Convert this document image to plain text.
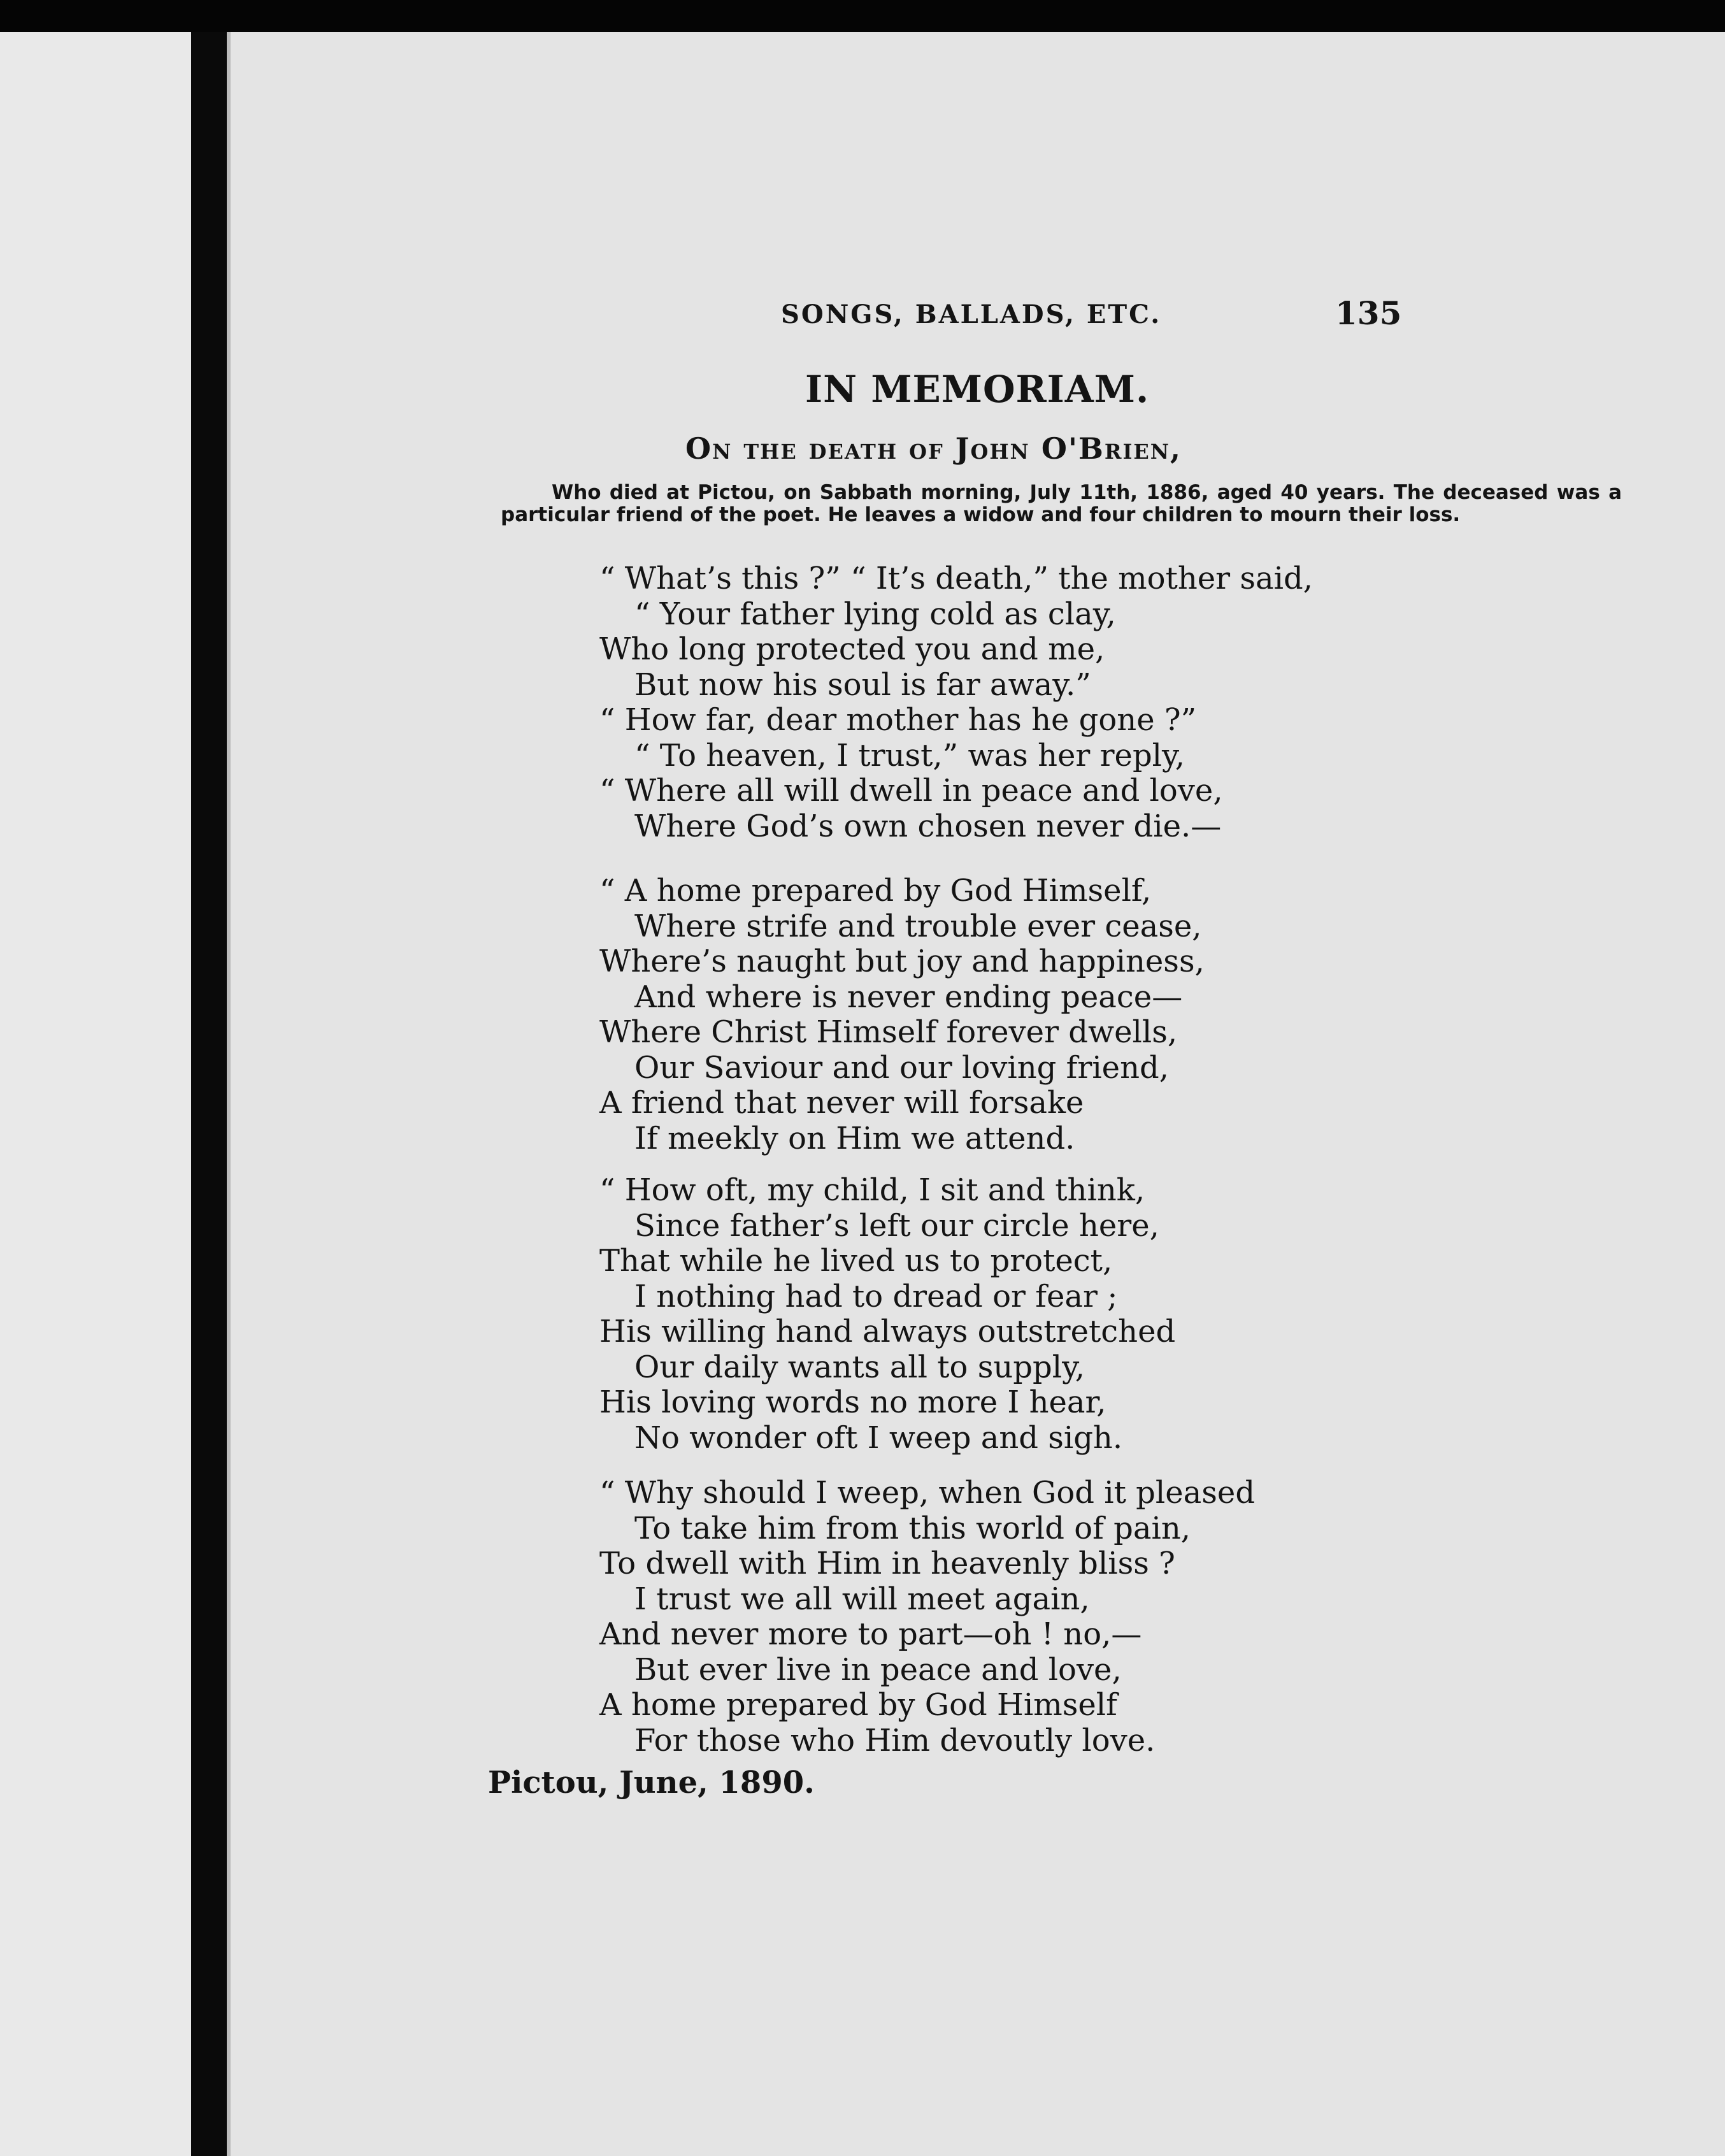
SONGS, BALLADS, ETC.	135
IN MEMORIAM.
On the death of John O'Brien,
Who died at Pictou, on Sabbath morning, July 11th, 1886, aged 40 years. The deceased was a particular friend of the poet. He leaves a widow and four children to mourn their loss.
“ What’s this ?” “ It’s death,” the mother said,
“ Your father lying cold as clay,
Who long protected you and me,
But now his soul is far away.”
“ How far, dear mother has he gone ?”
“ To heaven, I trust,” was her reply,
“ Where all will dwell in peace and love,
Where God’s own chosen never die.—
“ A home prepared by God Himself,
Where strife and trouble ever cease,
Where’s naught but joy and happiness,
And where is never ending peace—
Where Christ Himself forever dwells,
Our Saviour and our loving friend,
A friend that never will forsake
If meekly on Him we attend.
“ How oft, my child, I sit and think,
Since father’s left our circle here,
That while he lived us to protect,
I nothing had to dread or fear ;
His willing hand always outstretched
Our daily wants all to supply,
His loving words no more I hear,
No wonder oft I weep and sigh.
“ Why should I weep, when God it pleased
To take him from this world of pain,
To dwell with Him in heavenly bliss ?
I trust we all will meet again,
And never more to part—oh ! no,—
But ever live in peace and love,
A home prepared by God Himself
For those who Him devoutly love.
Pictou, June, 1890.
